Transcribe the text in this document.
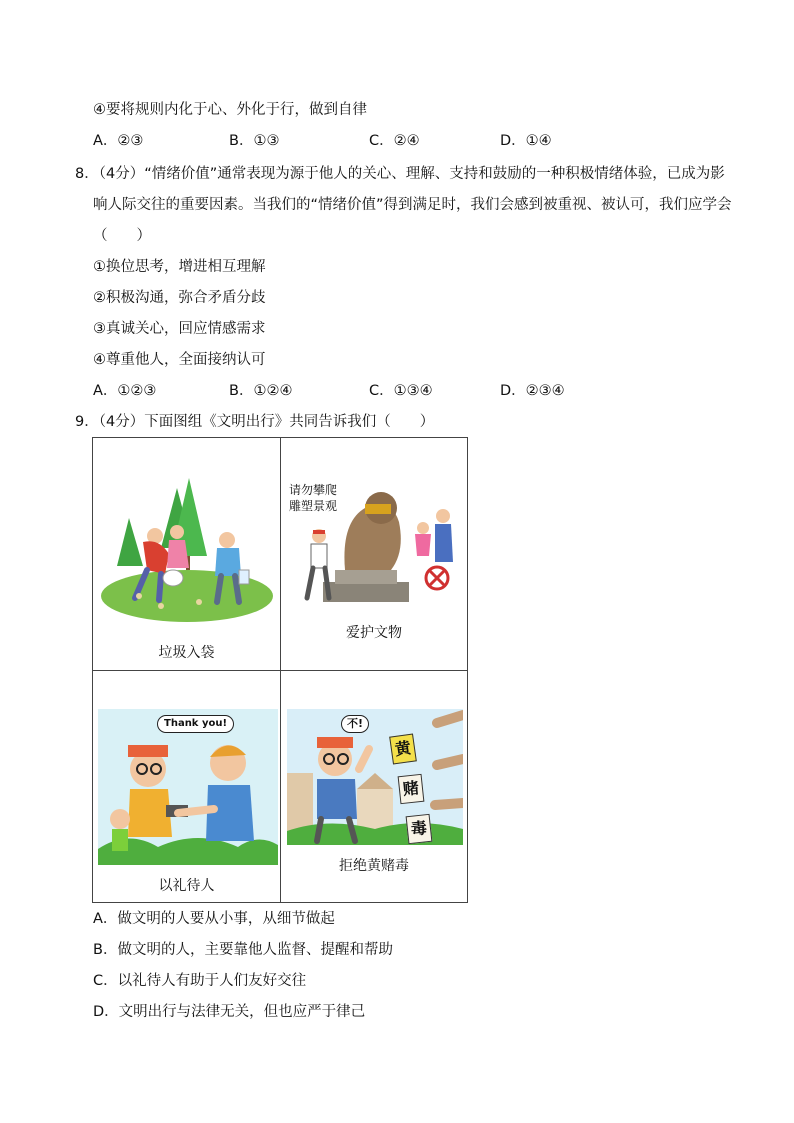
④要将规则内化于心、外化于行，做到自律
A．②③	B．①③	C．②④	D．①④
8．（4分）“情绪价值”通常表现为源于他人的关心、理解、支持和鼓励的一种积极情绪体验，已成为影
响人际交往的重要因素。当我们的“情绪价值”得到满足时，我们会感到被重视、被认可，我们应学会
（　　）
①换位思考，增进相互理解
②积极沟通，弥合矛盾分歧
③真诚关心，回应情感需求
④尊重他人，全面接纳认可
A．①②③	B．①②④	C．①③④	D．②③④
9．（4分）下面图组《文明出行》共同告诉我们（　　）
垃圾入袋
请勿攀爬
雕塑景观
爱护文物
Thank you!
以礼待人
不!
黄
赌
毒
拒绝黄赌毒
A．做文明的人要从小事，从细节做起
B．做文明的人，主要靠他人监督、提醒和帮助
C．以礼待人有助于人们友好交往
D．文明出行与法律无关，但也应严于律己
